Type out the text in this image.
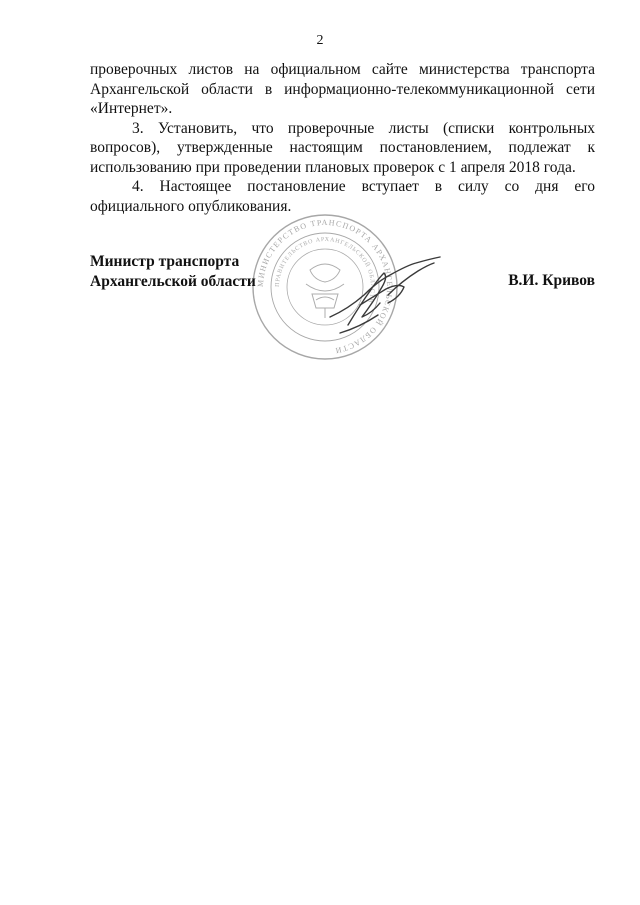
2

проверочных листов на официальном сайте министерства транспорта Архангельской области в информационно-телекоммуникационной сети «Интернет».

3. Установить, что проверочные листы (списки контрольных вопросов), утвержденные настоящим постановлением, подлежат к использованию при проведении плановых проверок с 1 апреля 2018 года.

4. Настоящее постановление вступает в силу со дня его официального опубликования.

МИНИСТЕРСТВО ТРАНСПОРТА АРХАНГЕЛЬСКОЙ ОБЛАСТИ
ПРАВИТЕЛЬСТВО АРХАНГЕЛЬСКОЙ ОБЛАСТИ
Министр транспорта
Архангельской области	В.И. Кривов
